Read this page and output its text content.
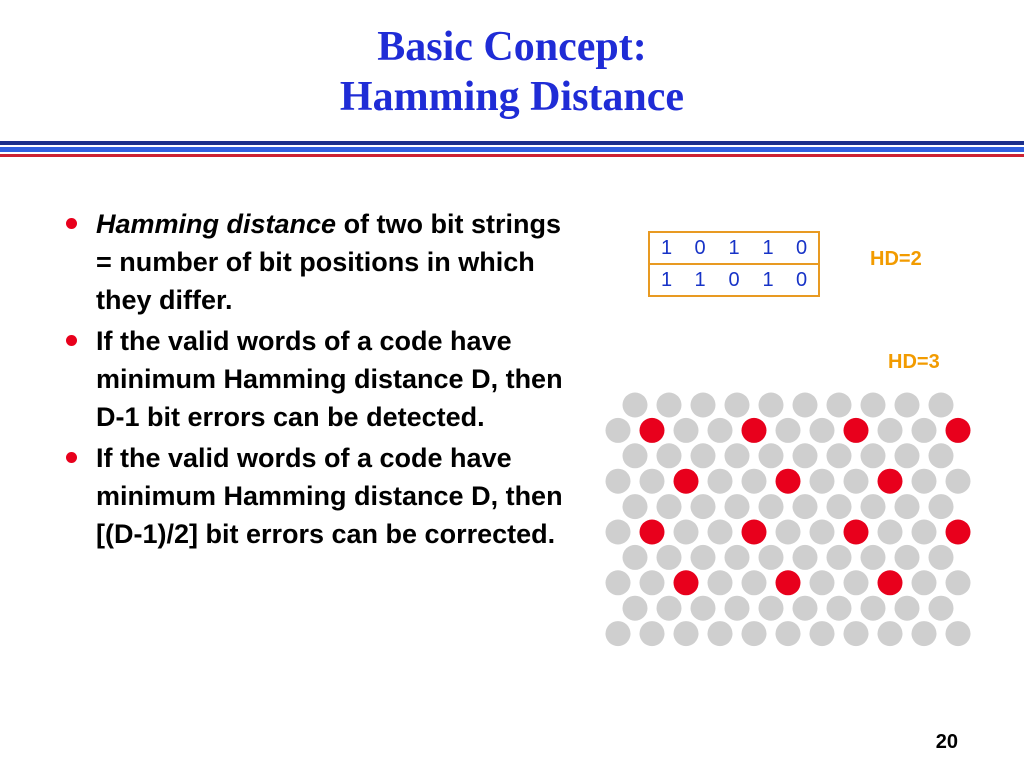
Basic Concept:
Hamming Distance
Hamming distance of two bit strings = number of bit positions in which they differ.
If the valid words of a code have minimum Hamming distance D, then D-1 bit errors can be detected.
If the valid words of a code have minimum Hamming distance D, then [(D-1)/2] bit errors can be corrected.
1	0	1	1	0
1	1	0	1	0
HD=2
HD=3
20
